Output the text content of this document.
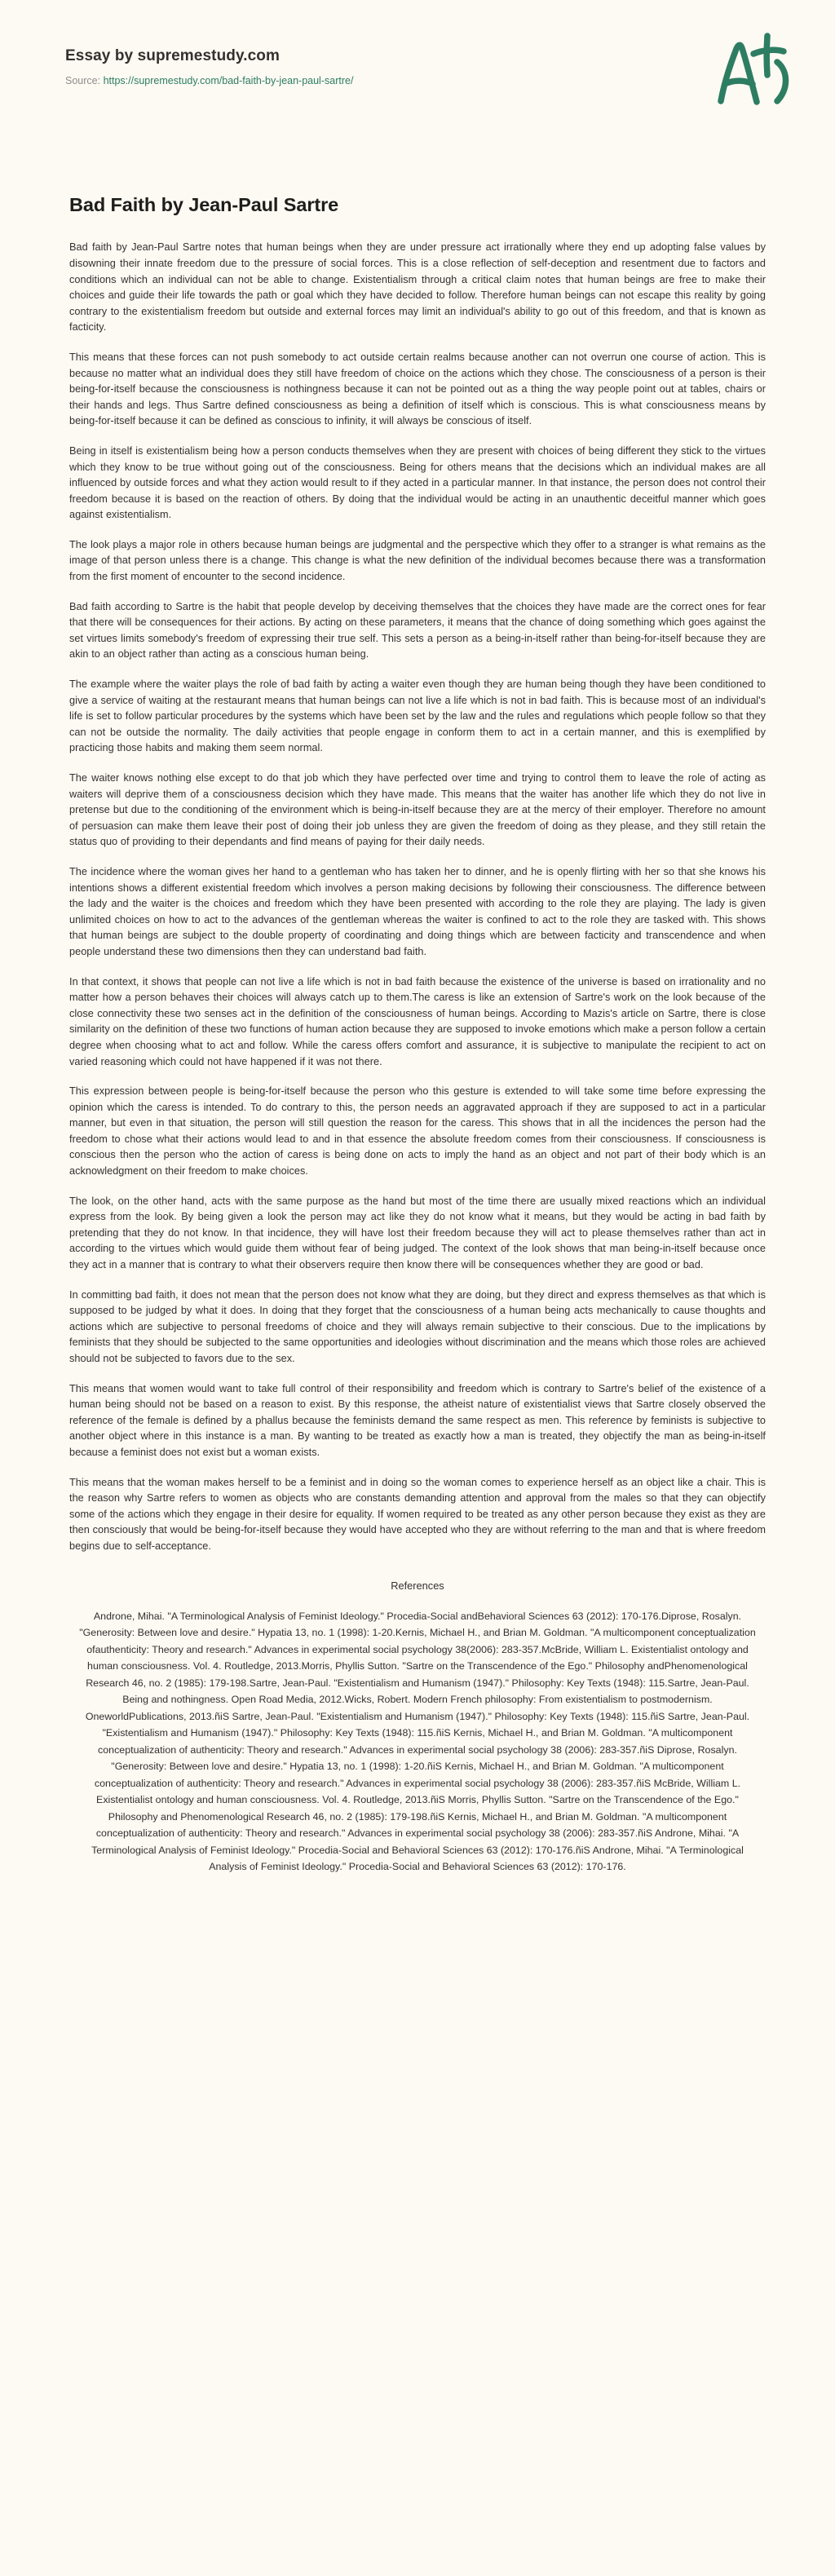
Essay by supremestudy.com
Source: https://supremestudy.com/bad-faith-by-jean-paul-sartre/
Bad Faith by Jean-Paul Sartre

Bad faith by Jean-Paul Sartre notes that human beings when they are under pressure act irrationally where they end up adopting false values by disowning their innate freedom due to the pressure of social forces. This is a close reflection of self-deception and resentment due to factors and conditions which an individual can not be able to change. Existentialism through a critical claim notes that human beings are free to make their choices and guide their life towards the path or goal which they have decided to follow. Therefore human beings can not escape this reality by going contrary to the existentialism freedom but outside and external forces may limit an individual's ability to go out of this freedom, and that is known as facticity.

This means that these forces can not push somebody to act outside certain realms because another can not overrun one course of action. This is because no matter what an individual does they still have freedom of choice on the actions which they chose. The consciousness of a person is their being-for-itself because the consciousness is nothingness because it can not be pointed out as a thing the way people point out at tables, chairs or their hands and legs. Thus Sartre defined consciousness as being a definition of itself which is conscious. This is what consciousness means by being-for-itself because it can be defined as conscious to infinity, it will always be conscious of itself.

Being in itself is existentialism being how a person conducts themselves when they are present with choices of being different they stick to the virtues which they know to be true without going out of the consciousness. Being for others means that the decisions which an individual makes are all influenced by outside forces and what they action would result to if they acted in a particular manner. In that instance, the person does not control their freedom because it is based on the reaction of others. By doing that the individual would be acting in an unauthentic deceitful manner which goes against existentialism.

The look plays a major role in others because human beings are judgmental and the perspective which they offer to a stranger is what remains as the image of that person unless there is a change. This change is what the new definition of the individual becomes because there was a transformation from the first moment of encounter to the second incidence.

Bad faith according to Sartre is the habit that people develop by deceiving themselves that the choices they have made are the correct ones for fear that there will be consequences for their actions. By acting on these parameters, it means that the chance of doing something which goes against the set virtues limits somebody's freedom of expressing their true self. This sets a person as a being-in-itself rather than being-for-itself because they are akin to an object rather than acting as a conscious human being.

The example where the waiter plays the role of bad faith by acting a waiter even though they are human being though they have been conditioned to give a service of waiting at the restaurant means that human beings can not live a life which is not in bad faith. This is because most of an individual's life is set to follow particular procedures by the systems which have been set by the law and the rules and regulations which people follow so that they can not be outside the normality. The daily activities that people engage in conform them to act in a certain manner, and this is exemplified by practicing those habits and making them seem normal.

The waiter knows nothing else except to do that job which they have perfected over time and trying to control them to leave the role of acting as waiters will deprive them of a consciousness decision which they have made. This means that the waiter has another life which they do not live in pretense but due to the conditioning of the environment which is being-in-itself because they are at the mercy of their employer. Therefore no amount of persuasion can make them leave their post of doing their job unless they are given the freedom of doing as they please, and they still retain the status quo of providing to their dependants and find means of paying for their daily needs.

The incidence where the woman gives her hand to a gentleman who has taken her to dinner, and he is openly flirting with her so that she knows his intentions shows a different existential freedom which involves a person making decisions by following their consciousness. The difference between the lady and the waiter is the choices and freedom which they have been presented with according to the role they are playing. The lady is given unlimited choices on how to act to the advances of the gentleman whereas the waiter is confined to act to the role they are tasked with. This shows that human beings are subject to the double property of coordinating and doing things which are between facticity and transcendence and when people understand these two dimensions then they can understand bad faith.

In that context, it shows that people can not live a life which is not in bad faith because the existence of the universe is based on irrationality and no matter how a person behaves their choices will always catch up to them.The caress is like an extension of Sartre's work on the look because of the close connectivity these two senses act in the definition of the consciousness of human beings. According to Mazis's article on Sartre, there is close similarity on the definition of these two functions of human action because they are supposed to invoke emotions which make a person follow a certain degree when choosing what to act and follow. While the caress offers comfort and assurance, it is subjective to manipulate the recipient to act on varied reasoning which could not have happened if it was not there.

This expression between people is being-for-itself because the person who this gesture is extended to will take some time before expressing the opinion which the caress is intended. To do contrary to this, the person needs an aggravated approach if they are supposed to act in a particular manner, but even in that situation, the person will still question the reason for the caress. This shows that in all the incidences the person had the freedom to chose what their actions would lead to and in that essence the absolute freedom comes from their consciousness. If consciousness is conscious then the person who the action of caress is being done on acts to imply the hand as an object and not part of their body which is an acknowledgment on their freedom to make choices.

The look, on the other hand, acts with the same purpose as the hand but most of the time there are usually mixed reactions which an individual express from the look. By being given a look the person may act like they do not know what it means, but they would be acting in bad faith by pretending that they do not know. In that incidence, they will have lost their freedom because they will act to please themselves rather than act in according to the virtues which would guide them without fear of being judged. The context of the look shows that man being-in-itself because once they act in a manner that is contrary to what their observers require then know there will be consequences whether they are good or bad.

In committing bad faith, it does not mean that the person does not know what they are doing, but they direct and express themselves as that which is supposed to be judged by what it does. In doing that they forget that the consciousness of a human being acts mechanically to cause thoughts and actions which are subjective to personal freedoms of choice and they will always remain subjective to their conscious. Due to the implications by feminists that they should be subjected to the same opportunities and ideologies without discrimination and the means which those roles are achieved should not be subjected to favors due to the sex.

This means that women would want to take full control of their responsibility and freedom which is contrary to Sartre's belief of the existence of a human being should not be based on a reason to exist. By this response, the atheist nature of existentialist views that Sartre closely observed the reference of the female is defined by a phallus because the feminists demand the same respect as men. This reference by feminists is subjective to another object where in this instance is a man. By wanting to be treated as exactly how a man is treated, they objectify the man as being-in-itself because a feminist does not exist but a woman exists.

This means that the woman makes herself to be a feminist and in doing so the woman comes to experience herself as an object like a chair. This is the reason why Sartre refers to women as objects who are constants demanding attention and approval from the males so that they can objectify some of the actions which they engage in their desire for equality. If women required to be treated as any other person because they exist as they are then consciously that would be being-for-itself because they would have accepted who they are without referring to the man and that is where freedom begins due to self-acceptance.

References

Androne, Mihai. "A Terminological Analysis of Feminist Ideology." Procedia-Social andBehavioral Sciences 63 (2012): 170-176.Diprose, Rosalyn. "Generosity: Between love and desire." Hypatia 13, no. 1 (1998): 1-20.Kernis, Michael H., and Brian M. Goldman. "A multicomponent conceptualization ofauthenticity: Theory and research." Advances in experimental social psychology 38(2006): 283-357.McBride, William L. Existentialist ontology and human consciousness. Vol. 4. Routledge, 2013.Morris, Phyllis Sutton. "Sartre on the Transcendence of the Ego." Philosophy andPhenomenological Research 46, no. 2 (1985): 179-198.Sartre, Jean-Paul. "Existentialism and Humanism (1947)." Philosophy: Key Texts (1948): 115.Sartre, Jean-Paul. Being and nothingness. Open Road Media, 2012.Wicks, Robert. Modern French philosophy: From existentialism to postmodernism. OneworldPublications, 2013.ñiS Sartre, Jean-Paul. "Existentialism and Humanism (1947)." Philosophy: Key Texts (1948): 115.ñiS Sartre, Jean-Paul. "Existentialism and Humanism (1947)." Philosophy: Key Texts (1948): 115.ñiS Kernis, Michael H., and Brian M. Goldman. "A multicomponent conceptualization of authenticity: Theory and research." Advances in experimental social psychology 38 (2006): 283-357.ñiS Diprose, Rosalyn. "Generosity: Between love and desire." Hypatia 13, no. 1 (1998): 1-20.ñiS Kernis, Michael H., and Brian M. Goldman. "A multicomponent conceptualization of authenticity: Theory and research." Advances in experimental social psychology 38 (2006): 283-357.ñiS McBride, William L. Existentialist ontology and human consciousness. Vol. 4. Routledge, 2013.ñiS Morris, Phyllis Sutton. "Sartre on the Transcendence of the Ego." Philosophy and Phenomenological Research 46, no. 2 (1985): 179-198.ñiS Kernis, Michael H., and Brian M. Goldman. "A multicomponent conceptualization of authenticity: Theory and research." Advances in experimental social psychology 38 (2006): 283-357.ñiS Androne, Mihai. "A Terminological Analysis of Feminist Ideology." Procedia-Social and Behavioral Sciences 63 (2012): 170-176.ñiS Androne, Mihai. "A Terminological Analysis of Feminist Ideology." Procedia-Social and Behavioral Sciences 63 (2012): 170-176.
